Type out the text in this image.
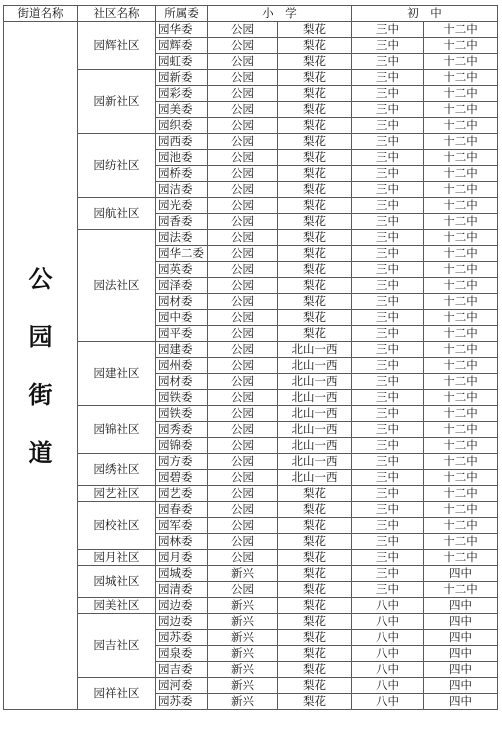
街道名称	社区名称	所属委	小　学		初　中	

公
园
街
道	园辉社区	园华委	公园	梨花	三中	十二中
		园辉委	公园	梨花	三中	十二中
		园虹委	公园	梨花	三中	十二中
	园新社区	园新委	公园	梨花	三中	十二中
		园彩委	公园	梨花	三中	十二中
		园美委	公园	梨花	三中	十二中
		园织委	公园	梨花	三中	十二中
	园纺社区	园西委	公园	梨花	三中	十二中
		园池委	公园	梨花	三中	十二中
		园桥委	公园	梨花	三中	十二中
		园洁委	公园	梨花	三中	十二中
	园航社区	园光委	公园	梨花	三中	十二中
		园香委	公园	梨花	三中	十二中
	园法社区	园法委	公园	梨花	三中	十二中
		园华二委	公园	梨花	三中	十二中
		园英委	公园	梨花	三中	十二中
		园泽委	公园	梨花	三中	十二中
		园材委	公园	梨花	三中	十二中
		园中委	公园	梨花	三中	十二中
		园平委	公园	梨花	三中	十二中
	园建社区	园建委	公园	北山一西	三中	十二中
		园州委	公园	北山一西	三中	十二中
		园材委	公园	北山一西	三中	十二中
		园铁委	公园	北山一西	三中	十二中
	园锦社区	园铁委	公园	北山一西	三中	十二中
		园秀委	公园	北山一西	三中	十二中
		园锦委	公园	北山一西	三中	十二中
	园绣社区	园方委	公园	北山一西	三中	十二中
		园碧委	公园	北山一西	三中	十二中
	园艺社区	园艺委	公园	梨花	三中	十二中
	园校社区	园春委	公园	梨花	三中	十二中
		园军委	公园	梨花	三中	十二中
		园林委	公园	梨花	三中	十二中
	园月社区	园月委	公园	梨花	三中	十二中
	园城社区	园城委	新兴	梨花	三中	四中
		园清委	公园	梨花	三中	十二中
	园美社区	园边委	新兴	梨花	八中	四中
	园吉社区	园边委	新兴	梨花	八中	四中
		园苏委	新兴	梨花	八中	四中
		园泉委	新兴	梨花	八中	四中
		园吉委	新兴	梨花	八中	四中
	园祥社区	园河委	新兴	梨花	八中	四中
		园苏委	新兴	梨花	八中	四中
